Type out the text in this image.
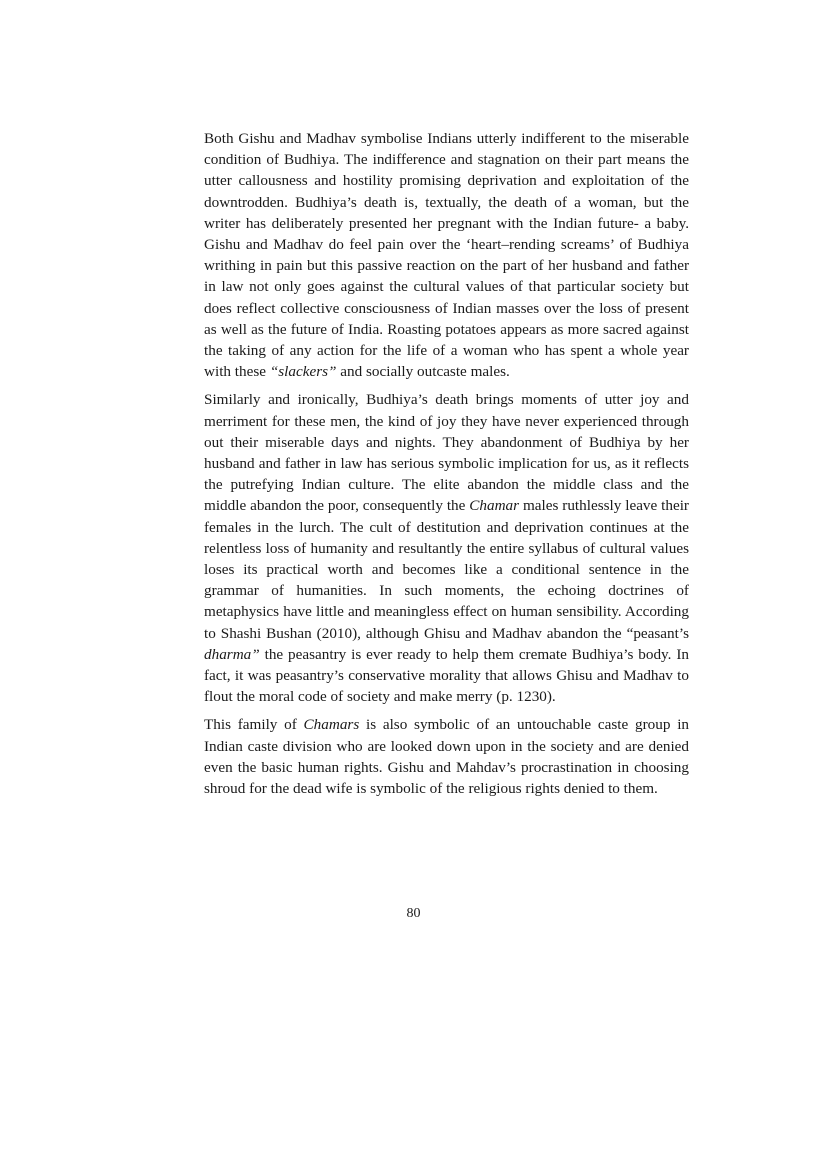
Both Gishu and Madhav symbolise Indians utterly indifferent to the miserable condition of Budhiya. The indifference and stagnation on their part means the utter callousness and hostility promising deprivation and exploitation of the downtrodden. Budhiya’s death is, textually, the death of a woman, but the writer has deliberately presented her pregnant with the Indian future- a baby. Gishu and Madhav do feel pain over the ‘heart–rending screams’ of Budhiya writhing in pain but this passive reaction on the part of her husband and father in law not only goes against the cultural values of that particular society but does reflect collective consciousness of Indian masses over the loss of present as well as the future of India. Roasting potatoes appears as more sacred against the taking of any action for the life of a woman who has spent a whole year with these “slackers” and socially outcaste males.

Similarly and ironically, Budhiya’s death brings moments of utter joy and merriment for these men, the kind of joy they have never experienced through out their miserable days and nights. They abandonment of Budhiya by her husband and father in law has serious symbolic implication for us, as it reflects the putrefying Indian culture. The elite abandon the middle class and the middle abandon the poor, consequently the Chamar males ruthlessly leave their females in the lurch. The cult of destitution and deprivation continues at the relentless loss of humanity and resultantly the entire syllabus of cultural values loses its practical worth and becomes like a conditional sentence in the grammar of humanities. In such moments, the echoing doctrines of metaphysics have little and meaningless effect on human sensibility. According to Shashi Bushan (2010), although Ghisu and Madhav abandon the “peasant’s dharma” the peasantry is ever ready to help them cremate Budhiya’s body. In fact, it was peasantry’s conservative morality that allows Ghisu and Madhav to flout the moral code of society and make merry (p. 1230).

This family of Chamars is also symbolic of an untouchable caste group in Indian caste division who are looked down upon in the society and are denied even the basic human rights. Gishu and Mahdav’s procrastination in choosing shroud for the dead wife is symbolic of the religious rights denied to them.

80
